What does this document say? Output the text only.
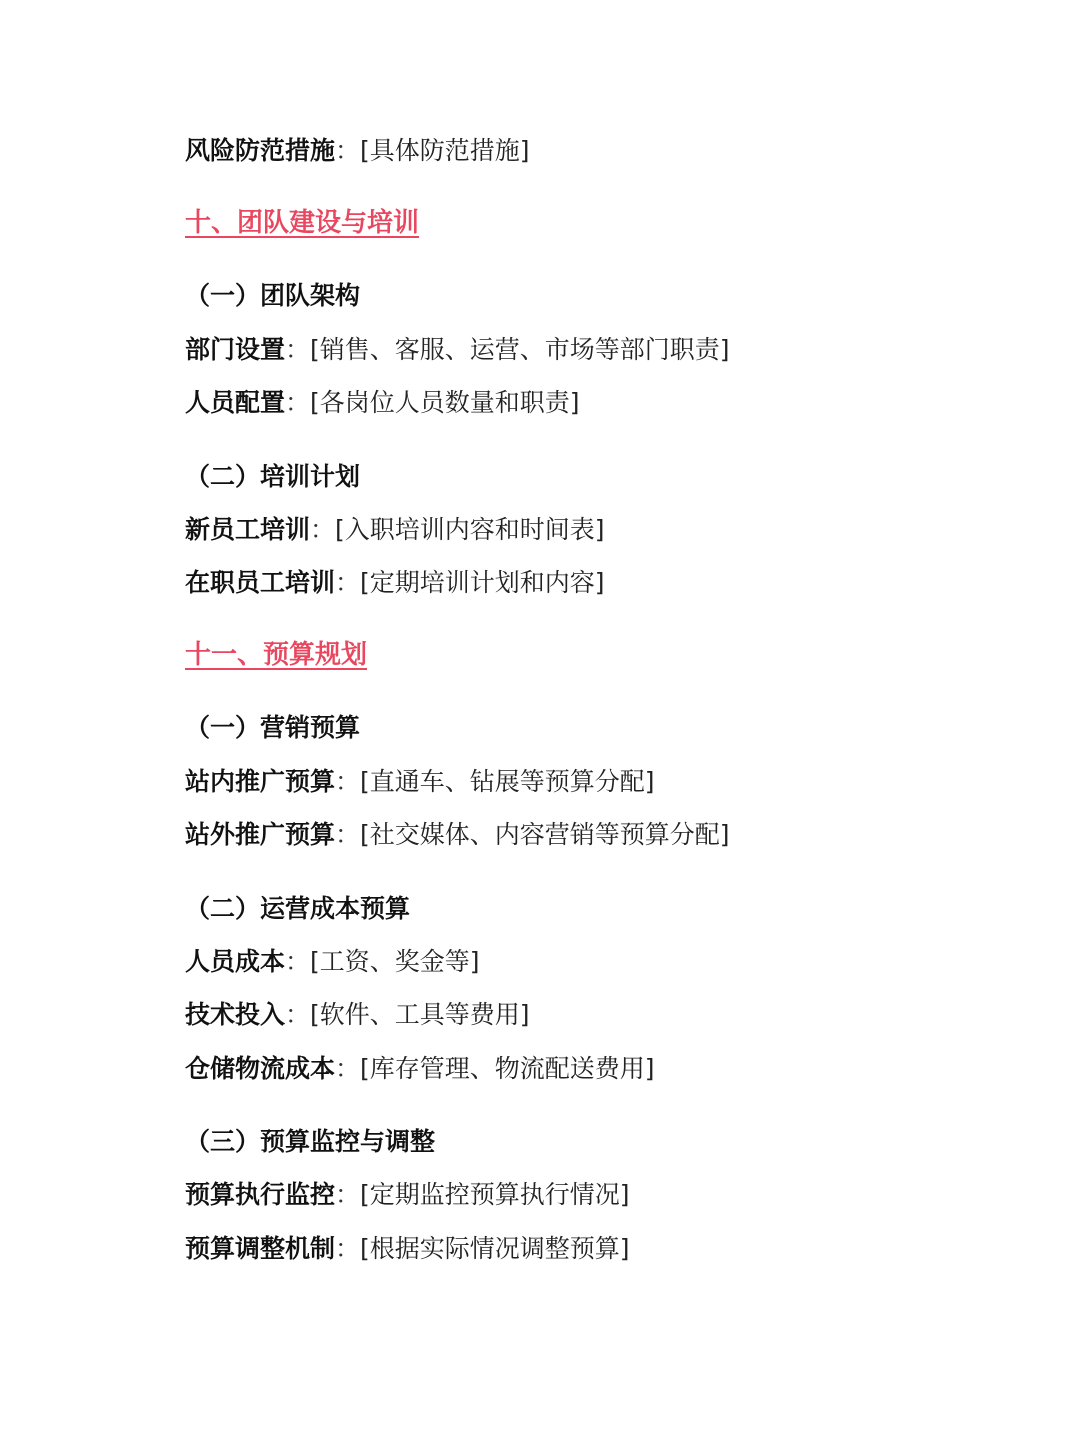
风险防范措施：[具体防范措施]
十、团队建设与培训
（一）团队架构
部门设置：[销售、客服、运营、市场等部门职责]
人员配置：[各岗位人员数量和职责]
（二）培训计划
新员工培训：[入职培训内容和时间表]
在职员工培训：[定期培训计划和内容]
十一、预算规划
（一）营销预算
站内推广预算：[直通车、钻展等预算分配]
站外推广预算：[社交媒体、内容营销等预算分配]
（二）运营成本预算
人员成本：[工资、奖金等]
技术投入：[软件、工具等费用]
仓储物流成本：[库存管理、物流配送费用]
（三）预算监控与调整
预算执行监控：[定期监控预算执行情况]
预算调整机制：[根据实际情况调整预算]
